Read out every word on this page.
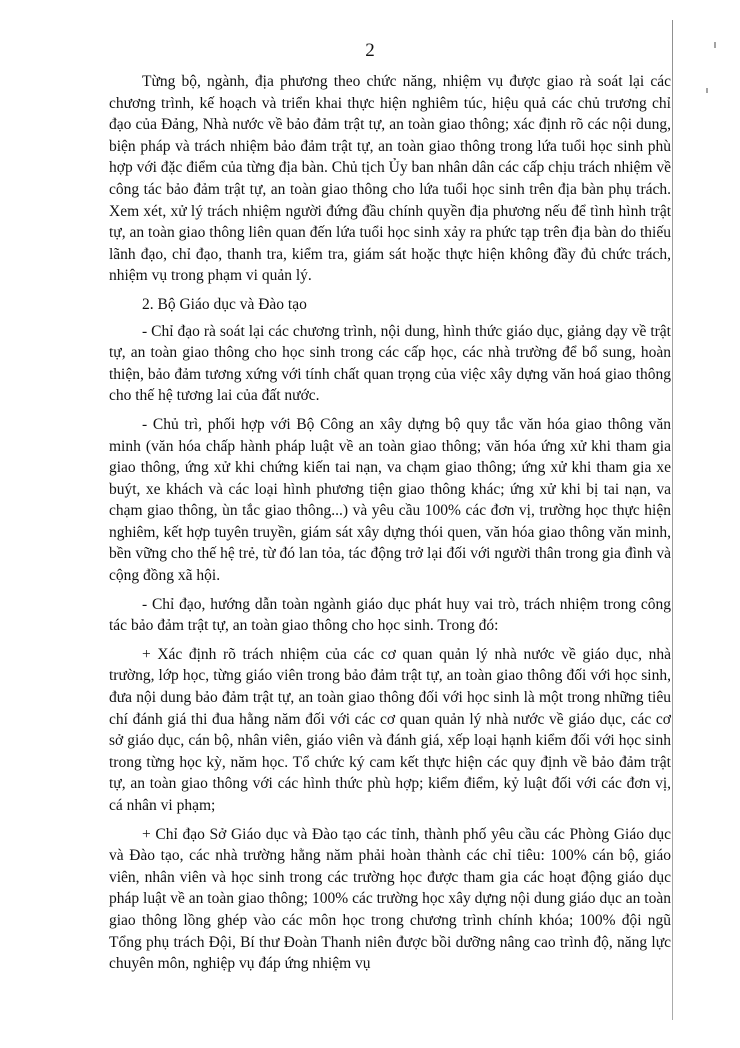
2

Từng bộ, ngành, địa phương theo chức năng, nhiệm vụ được giao rà soát lại các chương trình, kế hoạch và triển khai thực hiện nghiêm túc, hiệu quả các chủ trương chỉ đạo của Đảng, Nhà nước về bảo đảm trật tự, an toàn giao thông; xác định rõ các nội dung, biện pháp và trách nhiệm bảo đảm trật tự, an toàn giao thông trong lứa tuổi học sinh phù hợp với đặc điểm của từng địa bàn. Chủ tịch Ủy ban nhân dân các cấp chịu trách nhiệm về công tác bảo đảm trật tự, an toàn giao thông cho lứa tuổi học sinh trên địa bàn phụ trách. Xem xét, xử lý trách nhiệm người đứng đầu chính quyền địa phương nếu để tình hình trật tự, an toàn giao thông liên quan đến lứa tuổi học sinh xảy ra phức tạp trên địa bàn do thiếu lãnh đạo, chỉ đạo, thanh tra, kiểm tra, giám sát hoặc thực hiện không đầy đủ chức trách, nhiệm vụ trong phạm vi quản lý.

2. Bộ Giáo dục và Đào tạo

- Chỉ đạo rà soát lại các chương trình, nội dung, hình thức giáo dục, giảng dạy về trật tự, an toàn giao thông cho học sinh trong các cấp học, các nhà trường để bổ sung, hoàn thiện, bảo đảm tương xứng với tính chất quan trọng của việc xây dựng văn hoá giao thông cho thế hệ tương lai của đất nước.

- Chủ trì, phối hợp với Bộ Công an xây dựng bộ quy tắc văn hóa giao thông văn minh (văn hóa chấp hành pháp luật về an toàn giao thông; văn hóa ứng xử khi tham gia giao thông, ứng xử khi chứng kiến tai nạn, va chạm giao thông; ứng xử khi tham gia xe buýt, xe khách và các loại hình phương tiện giao thông khác; ứng xử khi bị tai nạn, va chạm giao thông, ùn tắc giao thông...) và yêu cầu 100% các đơn vị, trường học thực hiện nghiêm, kết hợp tuyên truyền, giám sát xây dựng thói quen, văn hóa giao thông văn minh, bền vững cho thế hệ trẻ, từ đó lan tỏa, tác động trở lại đối với người thân trong gia đình và cộng đồng xã hội.

- Chỉ đạo, hướng dẫn toàn ngành giáo dục phát huy vai trò, trách nhiệm trong công tác bảo đảm trật tự, an toàn giao thông cho học sinh. Trong đó:

+ Xác định rõ trách nhiệm của các cơ quan quản lý nhà nước về giáo dục, nhà trường, lớp học, từng giáo viên trong bảo đảm trật tự, an toàn giao thông đối với học sinh, đưa nội dung bảo đảm trật tự, an toàn giao thông đối với học sinh là một trong những tiêu chí đánh giá thi đua hằng năm đối với các cơ quan quản lý nhà nước về giáo dục, các cơ sở giáo dục, cán bộ, nhân viên, giáo viên và đánh giá, xếp loại hạnh kiểm đối với học sinh trong từng học kỳ, năm học. Tổ chức ký cam kết thực hiện các quy định về bảo đảm trật tự, an toàn giao thông với các hình thức phù hợp; kiểm điểm, kỷ luật đối với các đơn vị, cá nhân vi phạm;

+ Chỉ đạo Sở Giáo dục và Đào tạo các tỉnh, thành phố yêu cầu các Phòng Giáo dục và Đào tạo, các nhà trường hằng năm phải hoàn thành các chỉ tiêu: 100% cán bộ, giáo viên, nhân viên và học sinh trong các trường học được tham gia các hoạt động giáo dục pháp luật về an toàn giao thông; 100% các trường học xây dựng nội dung giáo dục an toàn giao thông lồng ghép vào các môn học trong chương trình chính khóa; 100% đội ngũ Tổng phụ trách Đội, Bí thư Đoàn Thanh niên được bồi dưỡng nâng cao trình độ, năng lực chuyên môn, nghiệp vụ đáp ứng nhiệm vụ
